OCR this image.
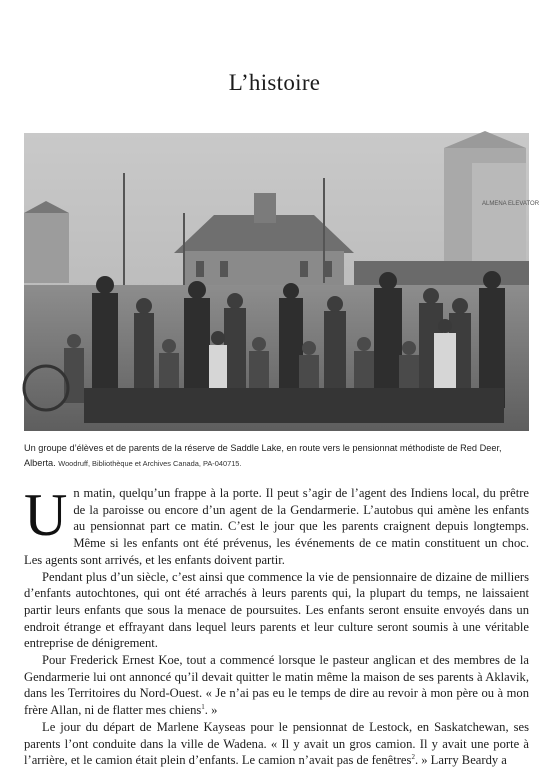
L’histoire
ALMENA ELEVATOR
Un groupe d’élèves et de parents de la réserve de Saddle Lake, en route vers le pensionnat méthodiste de Red Deer, Alberta. Woodruff, Bibliothèque et Archives Canada, PA-040715.

Un matin, quelqu’un frappe à la porte. Il peut s’agir de l’agent des Indiens local, du prêtre de la paroisse ou encore d’un agent de la Gendarmerie. L’autobus qui amène les enfants au pensionnat part ce matin. C’est le jour que les parents craignent depuis longtemps. Même si les enfants ont été prévenus, les événements de ce matin constituent un choc. Les agents sont arrivés, et les enfants doivent partir.

Pendant plus d’un siècle, c’est ainsi que commence la vie de pensionnaire de dizaine de milliers d’enfants autochtones, qui ont été arrachés à leurs parents qui, la plupart du temps, ne laissaient partir leurs enfants que sous la menace de poursuites. Les enfants seront ensuite envoyés dans un endroit étrange et effrayant dans lequel leurs parents et leur culture seront soumis à une véritable entreprise de dénigrement.

Pour Frederick Ernest Koe, tout a commencé lorsque le pasteur anglican et des membres de la Gendarmerie lui ont annoncé qu’il devait quitter le matin même la maison de ses parents à Aklavik, dans les Territoires du Nord-Ouest. « Je n’ai pas eu le temps de dire au revoir à mon père ou à mon frère Allan, ni de flatter mes chiens$^1$. »

Le jour du départ de Marlene Kayseas pour le pensionnat de Lestock, en Saskatchewan, ses parents l’ont conduite dans la ville de Wadena. « Il y avait un gros camion. Il y avait une porte à l’arrière, et le camion était plein d’enfants. Le camion n’avait pas de fenêtres$^2$. » Larry Beardy a
